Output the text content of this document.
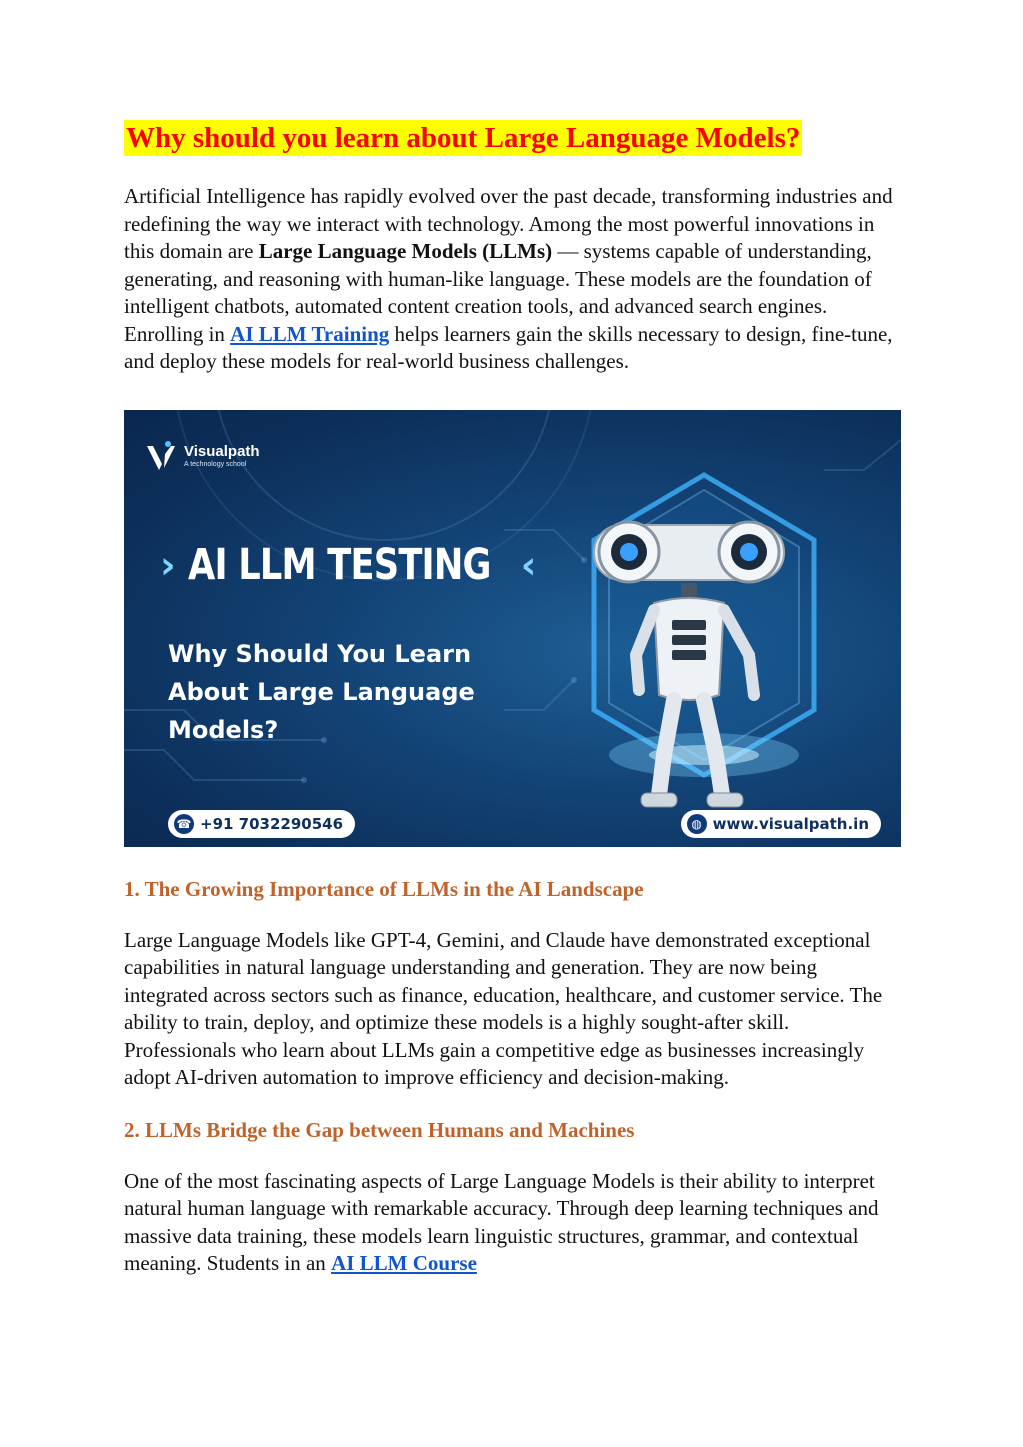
Why should you learn about Large Language Models?

Artificial Intelligence has rapidly evolved over the past decade, transforming industries and redefining the way we interact with technology. Among the most powerful innovations in this domain are Large Language Models (LLMs) — systems capable of understanding, generating, and reasoning with human-like language. These models are the foundation of intelligent chatbots, automated content creation tools, and advanced search engines. Enrolling in AI LLM Training helps learners gain the skills necessary to design, fine-tune, and deploy these models for real-world business challenges.

Visualpath
A technology school
› AI LLM TESTING ‹
Why Should You Learn About Large Language Models?
☎ +91 7032290546	◍ www.visualpath.in
1. The Growing Importance of LLMs in the AI Landscape

Large Language Models like GPT-4, Gemini, and Claude have demonstrated exceptional capabilities in natural language understanding and generation. They are now being integrated across sectors such as finance, education, healthcare, and customer service. The ability to train, deploy, and optimize these models is a highly sought-after skill. Professionals who learn about LLMs gain a competitive edge as businesses increasingly adopt AI-driven automation to improve efficiency and decision-making.

2. LLMs Bridge the Gap between Humans and Machines

One of the most fascinating aspects of Large Language Models is their ability to interpret natural human language with remarkable accuracy. Through deep learning techniques and massive data training, these models learn linguistic structures, grammar, and contextual meaning. Students in an AI LLM Course
